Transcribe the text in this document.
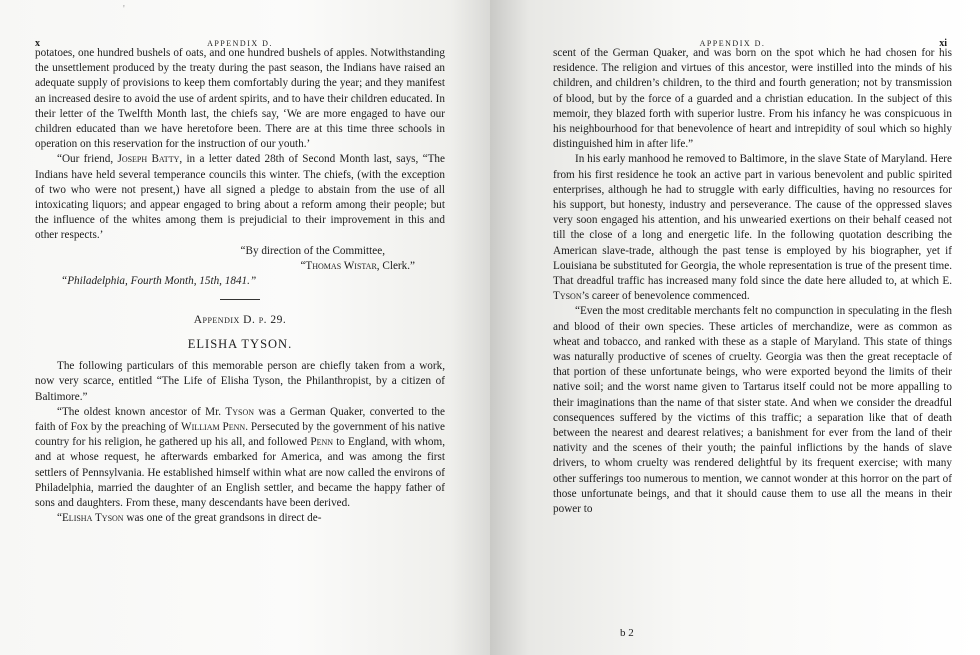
'
x	APPENDIX D.

potatoes, one hundred bushels of oats, and one hundred bushels of apples. Notwithstanding the unsettlement produced by the treaty during the past season, the Indians have raised an adequate supply of provisions to keep them comfortably during the year; and they manifest an increased desire to avoid the use of ardent spirits, and to have their children educated. In their letter of the Twelfth Month last, the chiefs say, ‘We are more engaged to have our children educated than we have heretofore been. There are at this time three schools in operation on this reservation for the instruction of our youth.’

“Our friend, Joseph Batty, in a letter dated 28th of Second Month last, says, “The Indians have held several temperance councils this winter. The chiefs, (with the exception of two who were not present,) have all signed a pledge to abstain from the use of all intoxicating liquors; and appear engaged to bring about a reform among their people; but the influence of the whites among them is prejudicial to their improvement in this and other respects.’

“By direction of the Committee,

“Thomas Wistar, Clerk.”

“Philadelphia, Fourth Month, 15th, 1841.”

Appendix D. p. 29.
ELISHA TYSON.

The following particulars of this memorable person are chiefly taken from a work, now very scarce, entitled “The Life of Elisha Tyson, the Philanthropist, by a citizen of Baltimore.”

“The oldest known ancestor of Mr. Tyson was a German Quaker, converted to the faith of Fox by the preaching of William Penn. Persecuted by the government of his native country for his religion, he gathered up his all, and followed Penn to England, with whom, and at whose request, he afterwards embarked for America, and was among the first settlers of Pennsylvania. He established himself within what are now called the environs of Philadelphia, married the daughter of an English settler, and became the happy father of sons and daughters. From these, many descendants have been derived.

“Elisha Tyson was one of the great grandsons in direct de-

APPENDIX D.	xi

scent of the German Quaker, and was born on the spot which he had chosen for his residence. The religion and virtues of this ancestor, were instilled into the minds of his children, and children’s children, to the third and fourth generation; not by transmission of blood, but by the force of a guarded and a christian education. In the subject of this memoir, they blazed forth with superior lustre. From his infancy he was conspicuous in his neighbourhood for that benevolence of heart and intrepidity of soul which so highly distinguished him in after life.”

In his early manhood he removed to Baltimore, in the slave State of Maryland. Here from his first residence he took an active part in various benevolent and public spirited enterprises, although he had to struggle with early difficulties, having no resources for his support, but honesty, industry and perseverance. The cause of the oppressed slaves very soon engaged his attention, and his unwearied exertions on their behalf ceased not till the close of a long and energetic life. In the following quotation describing the American slave-trade, although the past tense is employed by his biographer, yet if Louisiana be substituted for Georgia, the whole representation is true of the present time. That dreadful traffic has increased many fold since the date here alluded to, at which E. Tyson’s career of benevolence commenced.

“Even the most creditable merchants felt no compunction in speculating in the flesh and blood of their own species. These articles of merchandize, were as common as wheat and tobacco, and ranked with these as a staple of Maryland. This state of things was naturally productive of scenes of cruelty. Georgia was then the great receptacle of that portion of these unfortunate beings, who were exported beyond the limits of their native soil; and the worst name given to Tartarus itself could not be more appalling to their imaginations than the name of that sister state. And when we consider the dreadful consequences suffered by the victims of this traffic; a separation like that of death between the nearest and dearest relatives; a banishment for ever from the land of their nativity and the scenes of their youth; the painful inflictions by the hands of slave drivers, to whom cruelty was rendered delightful by its frequent exercise; with many other sufferings too numerous to mention, we cannot wonder at this horror on the part of those unfortunate beings, and that it should cause them to use all the means in their power to

b 2
